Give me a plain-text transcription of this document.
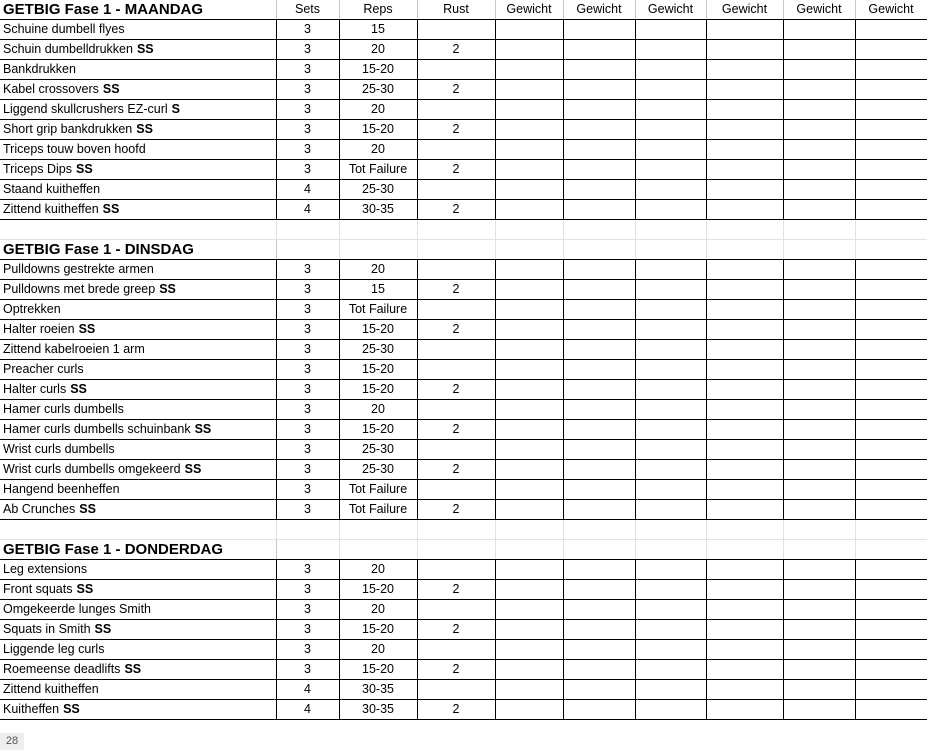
GETBIG Fase 1 - MAANDAG	Sets	Reps	Rust	Gewicht	Gewicht	Gewicht	Gewicht	Gewicht	Gewicht
Schuine dumbell flyes	3	15							
Schuin dumbelldrukken SS	3	20	2						
Bankdrukken	3	15-20							
Kabel crossovers SS	3	25-30	2						
Liggend skullcrushers EZ-curl S	3	20							
Short grip bankdrukken SS	3	15-20	2						
Triceps touw boven hoofd	3	20							
Triceps Dips SS	3	Tot Failure	2						
Staand kuitheffen	4	25-30							
Zittend kuitheffen SS	4	30-35	2						

GETBIG Fase 1 - DINSDAG									
Pulldowns gestrekte armen	3	20							
Pulldowns met brede greep SS	3	15	2						
Optrekken	3	Tot Failure							
Halter roeien SS	3	15-20	2						
Zittend kabelroeien 1 arm	3	25-30							
Preacher curls	3	15-20							
Halter curls SS	3	15-20	2						
Hamer curls dumbells	3	20							
Hamer curls dumbells schuinbank SS	3	15-20	2						
Wrist curls dumbells	3	25-30							
Wrist curls dumbells omgekeerd SS	3	25-30	2						
Hangend beenheffen	3	Tot Failure							
Ab Crunches SS	3	Tot Failure	2						

GETBIG Fase 1 - DONDERDAG									
Leg extensions	3	20							
Front squats SS	3	15-20	2						
Omgekeerde lunges Smith	3	20							
Squats in Smith SS	3	15-20	2						
Liggende leg curls	3	20							
Roemeense deadlifts SS	3	15-20	2						
Zittend kuitheffen	4	30-35							
Kuitheffen SS	4	30-35	2						
28
